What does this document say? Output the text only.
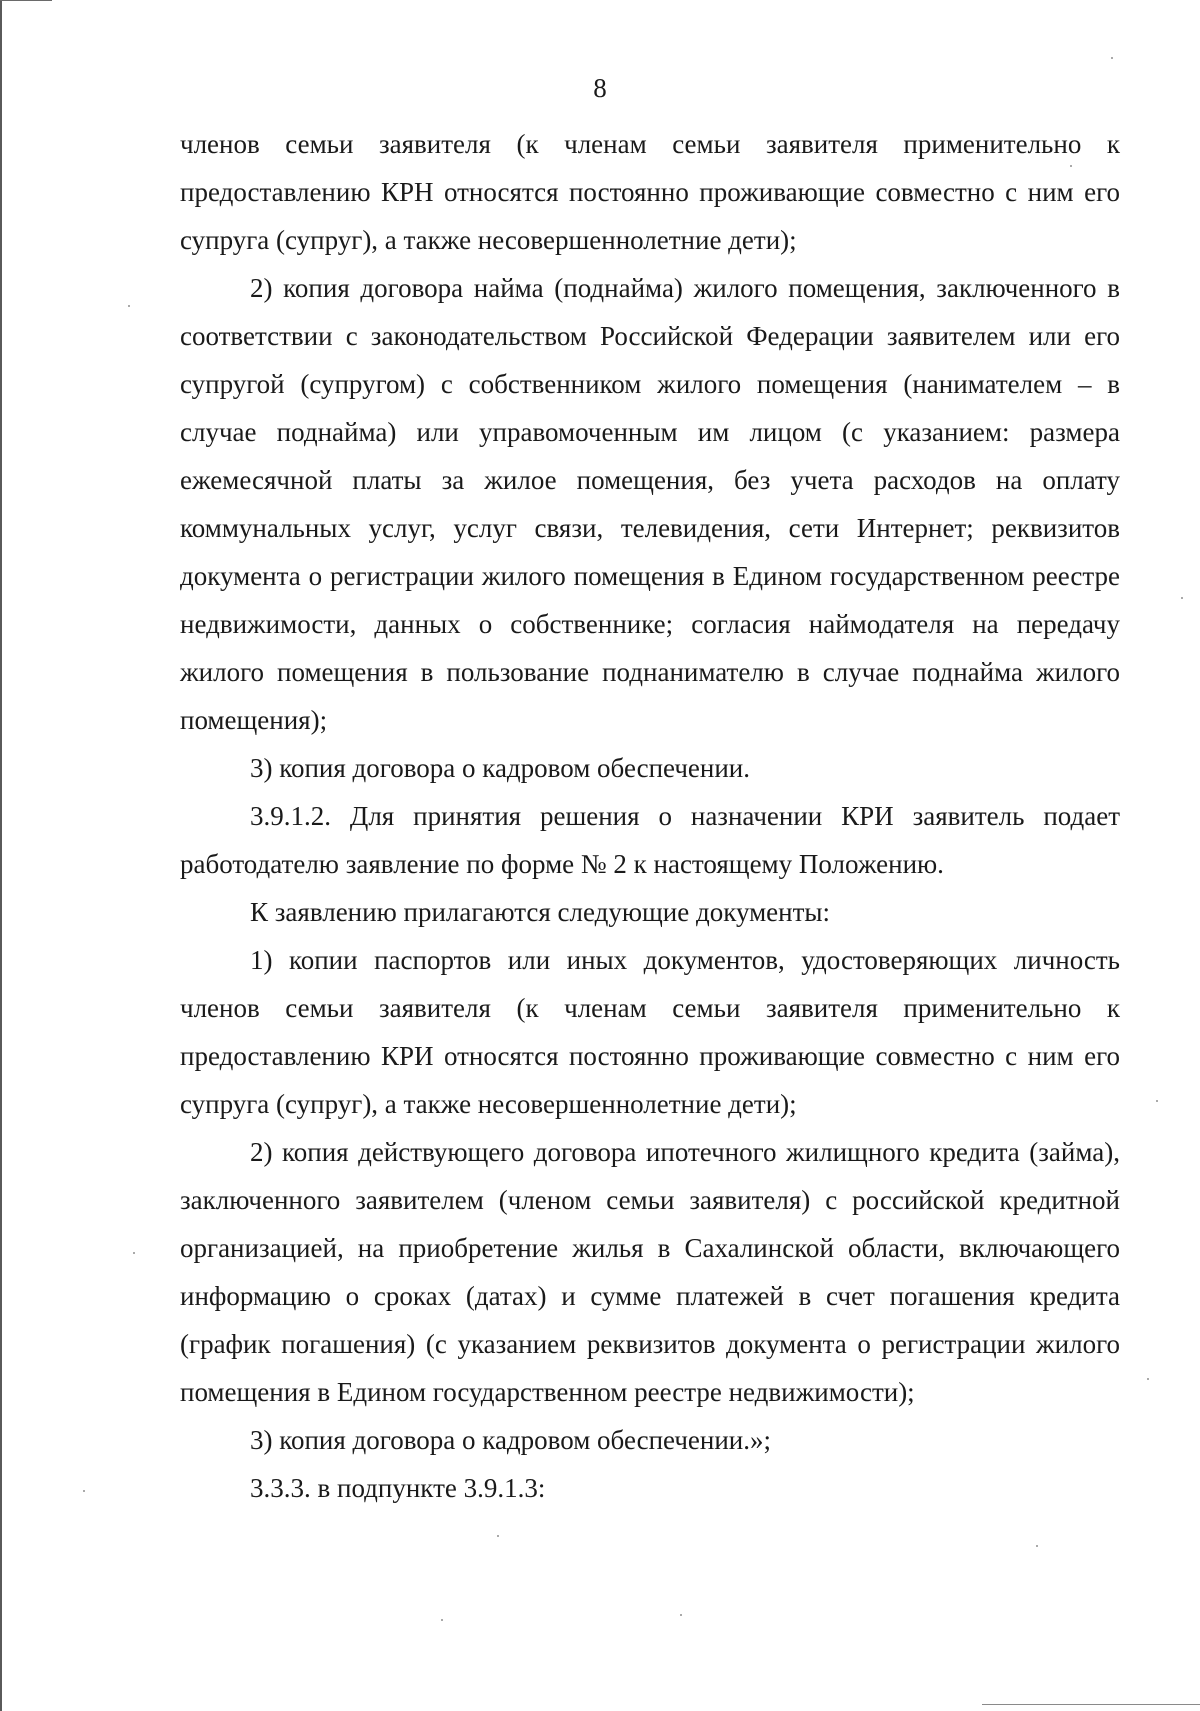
8

членов семьи заявителя (к членам семьи заявителя применительно к предоставлению КРН относятся постоянно проживающие совместно с ним его супруга (супруг), а также несовершеннолетние дети);

2) копия договора найма (поднайма) жилого помещения, заключенного в соответствии с законодательством Российской Федерации заявителем или его супругой (супругом) с собственником жилого помещения (нанимателем – в случае поднайма) или управомоченным им лицом (с указанием: размера ежемесячной платы за жилое помещения, без учета расходов на оплату коммунальных услуг, услуг связи, телевидения, сети Интернет; реквизитов документа о регистрации жилого помещения в Едином государственном реестре недвижимости, данных о собственнике; согласия наймодателя на передачу жилого помещения в пользование поднанимателю в случае поднайма жилого помещения);

3) копия договора о кадровом обеспечении.

3.9.1.2. Для принятия решения о назначении КРИ заявитель подает работодателю заявление по форме № 2 к настоящему Положению.

К заявлению прилагаются следующие документы:

1) копии паспортов или иных документов, удостоверяющих личность членов семьи заявителя (к членам семьи заявителя применительно к предоставлению КРИ относятся постоянно проживающие совместно с ним его супруга (супруг), а также несовершеннолетние дети);

2) копия действующего договора ипотечного жилищного кредита (займа), заключенного заявителем (членом семьи заявителя) с российской кредитной организацией, на приобретение жилья в Сахалинской области, включающего информацию о сроках (датах) и сумме платежей в счет погашения кредита (график погашения) (с указанием реквизитов документа о регистрации жилого помещения в Едином государственном реестре недвижимости);

3) копия договора о кадровом обеспечении.»;

3.3.3. в подпункте 3.9.1.3:
